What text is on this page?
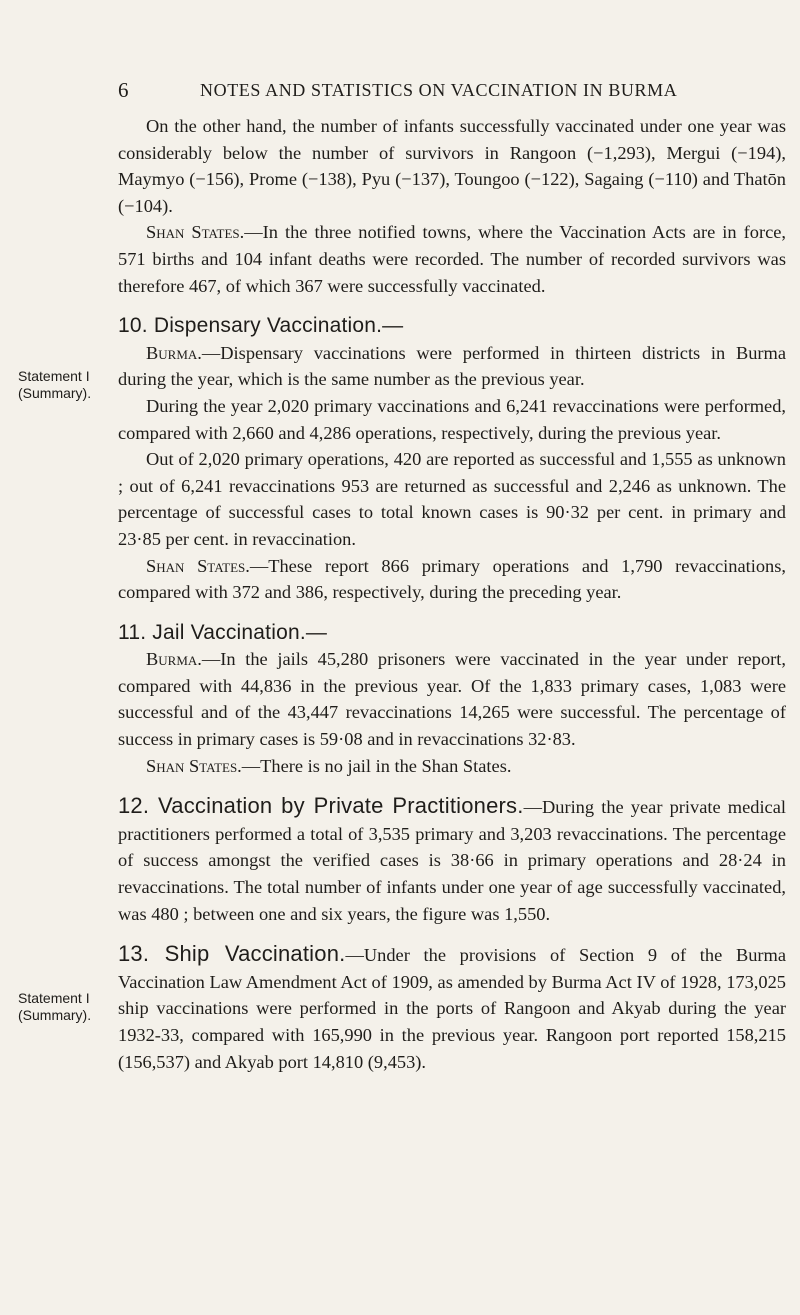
6	NOTES AND STATISTICS ON VACCINATION IN BURMA
Statement I
(Summary).
Statement I
(Summary).

On the other hand, the number of infants successfully vaccinated under one year was considerably below the number of survivors in Rangoon (−1,293), Mergui (−194), Maymyo (−156), Prome (−138), Pyu (−137), Toungoo (−122), Sagaing (−110) and Thatōn (−104).

Shan States.—In the three notified towns, where the Vaccination Acts are in force, 571 births and 104 infant deaths were recorded. The number of recorded survivors was therefore 467, of which 367 were successfully vaccinated.

10. Dispensary Vaccination.—

Burma.—Dispensary vaccinations were performed in thirteen districts in Burma during the year, which is the same number as the previous year.

During the year 2,020 primary vaccinations and 6,241 revaccinations were performed, compared with 2,660 and 4,286 operations, respectively, during the previous year.

Out of 2,020 primary operations, 420 are reported as successful and 1,555 as unknown ; out of 6,241 revaccinations 953 are returned as successful and 2,246 as unknown. The percentage of successful cases to total known cases is 90·32 per cent. in primary and 23·85 per cent. in revaccination.

Shan States.—These report 866 primary operations and 1,790 revaccinations, compared with 372 and 386, respectively, during the preceding year.

11. Jail Vaccination.—

Burma.—In the jails 45,280 prisoners were vaccinated in the year under report, compared with 44,836 in the previous year. Of the 1,833 primary cases, 1,083 were successful and of the 43,447 revaccinations 14,265 were successful. The percentage of success in primary cases is 59·08 and in revaccinations 32·83.

Shan States.—There is no jail in the Shan States.

12. Vaccination by Private Practitioners.—During the year private medical practitioners performed a total of 3,535 primary and 3,203 revaccinations. The percentage of success amongst the verified cases is 38·66 in primary operations and 28·24 in revaccinations. The total number of infants under one year of age successfully vaccinated, was 480 ; between one and six years, the figure was 1,550.

13. Ship Vaccination.—Under the provisions of Section 9 of the Burma Vaccination Law Amendment Act of 1909, as amended by Burma Act IV of 1928, 173,025 ship vaccinations were performed in the ports of Rangoon and Akyab during the year 1932-33, compared with 165,990 in the previous year. Rangoon port reported 158,215 (156,537) and Akyab port 14,810 (9,453).
